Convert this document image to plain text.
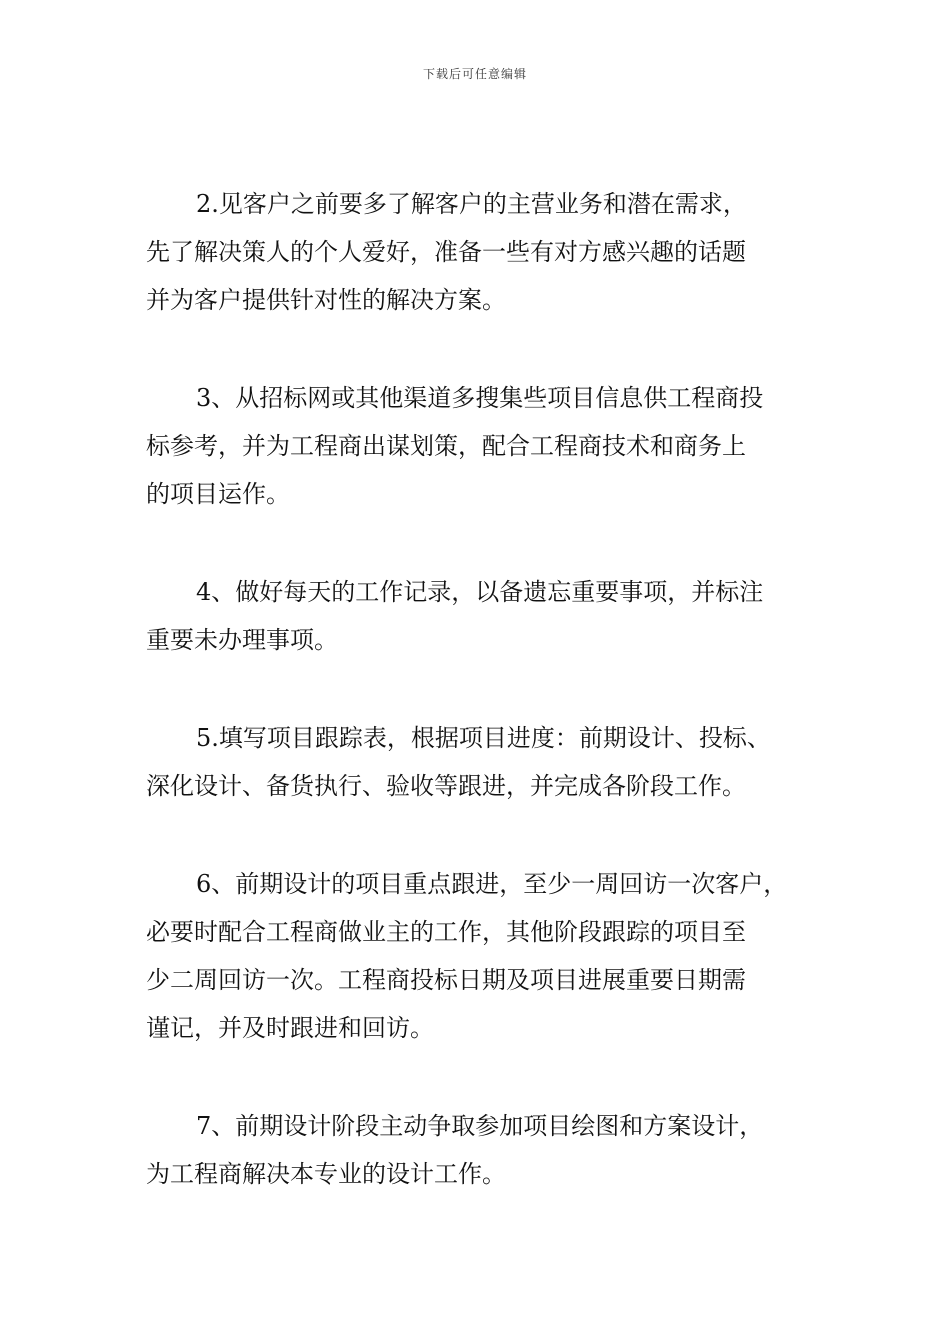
下载后可任意编辑
2.见客户之前要多了解客户的主营业务和潜在需求，
先了解决策人的个人爱好，准备一些有对方感兴趣的话题
并为客户提供针对性的解决方案。
3、从招标网或其他渠道多搜集些项目信息供工程商投
标参考，并为工程商出谋划策，配合工程商技术和商务上
的项目运作。
4、做好每天的工作记录，以备遗忘重要事项，并标注
重要未办理事项。
5.填写项目跟踪表，根据项目进度：前期设计、投标、
深化设计、备货执行、验收等跟进，并完成各阶段工作。
6、前期设计的项目重点跟进，至少一周回访一次客户，
必要时配合工程商做业主的工作，其他阶段跟踪的项目至
少二周回访一次。工程商投标日期及项目进展重要日期需
谨记，并及时跟进和回访。
7、前期设计阶段主动争取参加项目绘图和方案设计，
为工程商解决本专业的设计工作。
